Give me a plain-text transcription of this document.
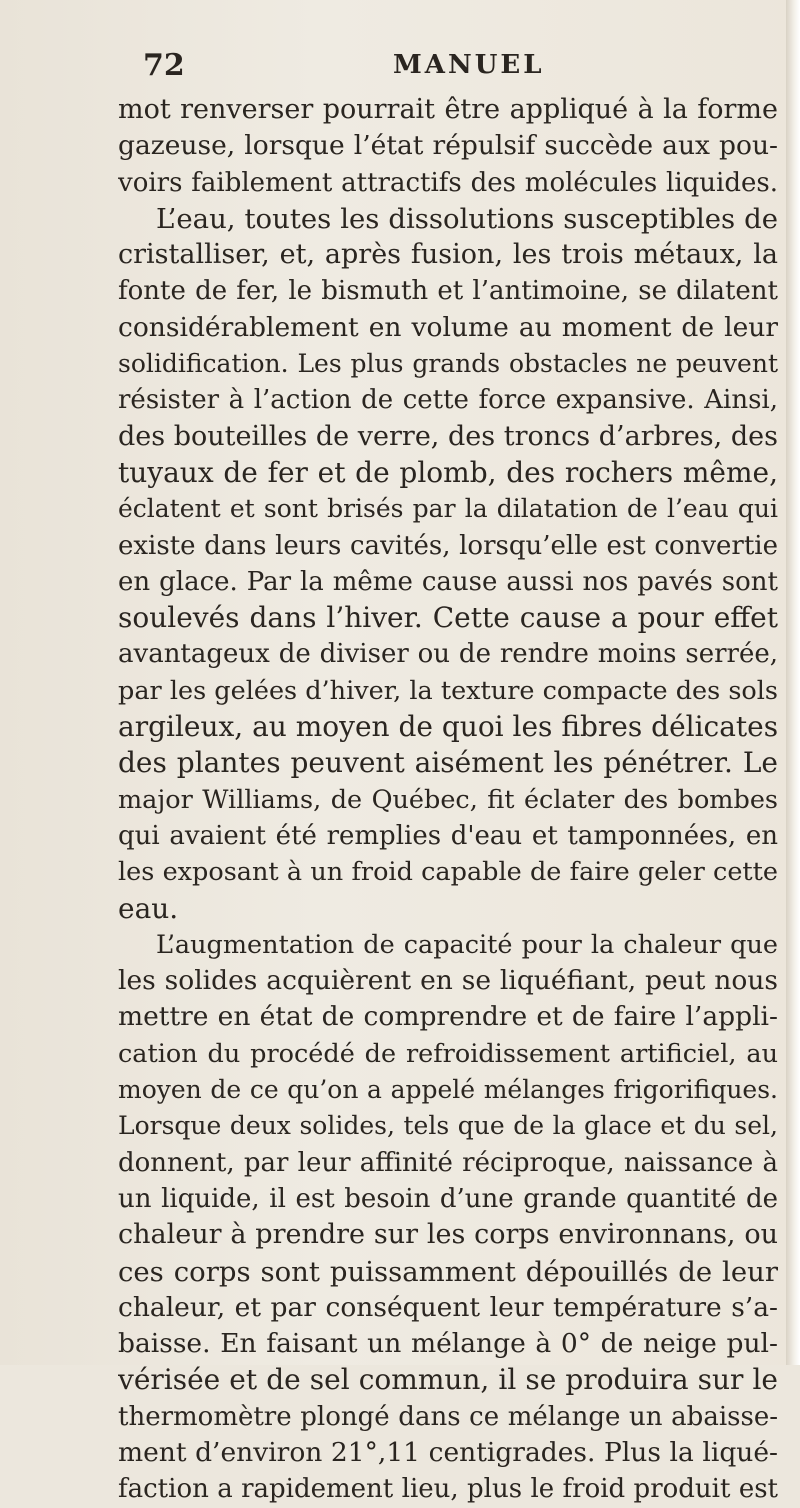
72	MANUEL
mot renverser pourrait être appliqué à la forme
gazeuse, lorsque l’état répulsif succède aux pou-
voirs faiblement attractifs des molécules liquides.
L’eau, toutes les dissolutions susceptibles de
cristalliser, et, après fusion, les trois métaux, la
fonte de fer, le bismuth et l’antimoine, se dilatent
considérablement en volume au moment de leur
solidification. Les plus grands obstacles ne peuvent
résister à l’action de cette force expansive. Ainsi,
des bouteilles de verre, des troncs d’arbres, des
tuyaux de fer et de plomb, des rochers même,
éclatent et sont brisés par la dilatation de l’eau qui
existe dans leurs cavités, lorsqu’elle est convertie
en glace. Par la même cause aussi nos pavés sont
soulevés dans l’hiver. Cette cause a pour effet
avantageux de diviser ou de rendre moins serrée,
par les gelées d’hiver, la texture compacte des sols
argileux, au moyen de quoi les fibres délicates
des plantes peuvent aisément les pénétrer. Le
major Williams, de Québec, fit éclater des bombes
qui avaient été remplies d'eau et tamponnées, en
les exposant à un froid capable de faire geler cette
eau.
L’augmentation de capacité pour la chaleur que
les solides acquièrent en se liquéfiant, peut nous
mettre en état de comprendre et de faire l’appli-
cation du procédé de refroidissement artificiel, au
moyen de ce qu’on a appelé mélanges frigorifiques.
Lorsque deux solides, tels que de la glace et du sel,
donnent, par leur affinité réciproque, naissance à
un liquide, il est besoin d’une grande quantité de
chaleur à prendre sur les corps environnans, ou
ces corps sont puissamment dépouillés de leur
chaleur, et par conséquent leur température s’a-
baisse. En faisant un mélange à 0° de neige pul-
vérisée et de sel commun, il se produira sur le
thermomètre plongé dans ce mélange un abaisse-
ment d’environ 21°,11 centigrades. Plus la liqué-
faction a rapidement lieu, plus le froid produit est
